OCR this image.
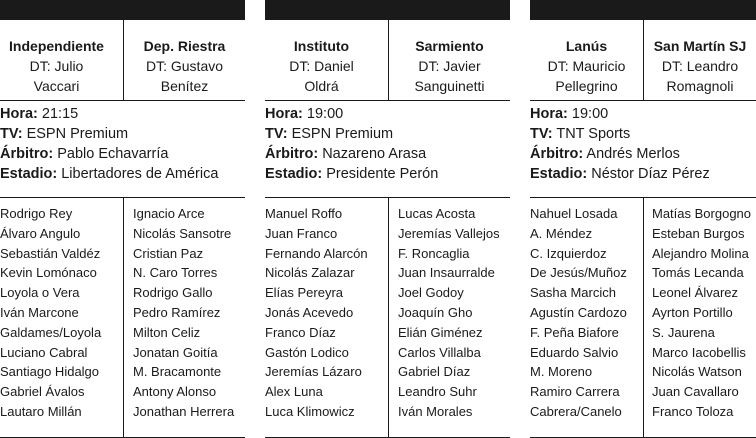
Independiente
DT: Julio
Vaccari
Dep. Riestra
DT: Gustavo
Benítez
Hora: 21:15
TV: ESPN Premium
Árbitro: Pablo Echavarría
Estadio: Libertadores de América
Rodrigo Rey
Álvaro Angulo
Sebastián Valdéz
Kevin Lomónaco
Loyola o Vera
Iván Marcone
Galdames/Loyola
Luciano Cabral
Santiago Hidalgo
Gabriel Ávalos
Lautaro Millán
Ignacio Arce
Nicolás Sansotre
Cristian Paz
N. Caro Torres
Rodrigo Gallo
Pedro Ramírez
Milton Celiz
Jonatan Goitía
M. Bracamonte
Antony Alonso
Jonathan Herrera
Instituto
DT: Daniel
Oldrá
Sarmiento
DT: Javier
Sanguinetti
Hora: 19:00
TV: ESPN Premium
Árbitro: Nazareno Arasa
Estadio: Presidente Perón
Manuel Roffo
Juan Franco
Fernando Alarcón
Nicolás Zalazar
Elías Pereyra
Jonás Acevedo
Franco Díaz
Gastón Lodico
Jeremías Lázaro
Alex Luna
Luca Klimowicz
Lucas Acosta
Jeremías Vallejos
F. Roncaglia
Juan Insaurralde
Joel Godoy
Joaquín Gho
Elián Giménez
Carlos Villalba
Gabriel Díaz
Leandro Suhr
Iván Morales
Lanús
DT: Mauricio
Pellegrino
San Martín SJ
DT: Leandro
Romagnoli
Hora: 19:00
TV: TNT Sports
Árbitro: Andrés Merlos
Estadio: Néstor Díaz Pérez
Nahuel Losada
A. Méndez
C. Izquierdoz
De Jesús/Muñoz
Sasha Marcich
Agustín Cardozo
F. Peña Biafore
Eduardo Salvio
M. Moreno
Ramiro Carrera
Cabrera/Canelo
Matías Borgogno
Esteban Burgos
Alejandro Molina
Tomás Lecanda
Leonel Álvarez
Ayrton Portillo
S. Jaurena
Marco Iacobellis
Nicolás Watson
Juan Cavallaro
Franco Toloza
